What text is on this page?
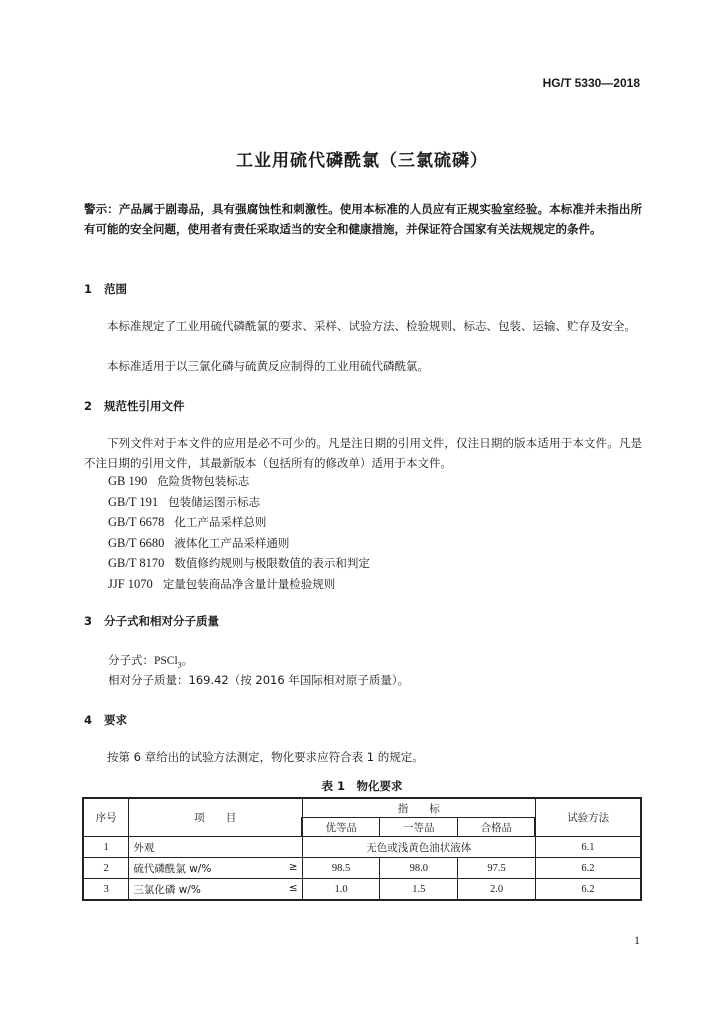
HG/T 5330—2018
工业用硫代磷酰氯（三氯硫磷）
警示：产品属于剧毒品，具有强腐蚀性和刺激性。使用本标准的人员应有正规实验室经验。本标准并未指出所有可能的安全问题，使用者有责任采取适当的安全和健康措施，并保证符合国家有关法规规定的条件。
1 范围
本标准规定了工业用硫代磷酰氯的要求、采样、试验方法、检验规则、标志、包装、运输、贮存及安全。
本标准适用于以三氯化磷与硫黄反应制得的工业用硫代磷酰氯。
2 规范性引用文件
下列文件对于本文件的应用是必不可少的。凡是注日期的引用文件，仅注日期的版本适用于本文件。凡是不注日期的引用文件，其最新版本（包括所有的修改单）适用于本文件。
GB 190 危险货物包装标志
GB/T 191 包装储运图示标志
GB/T 6678 化工产品采样总则
GB/T 6680 液体化工产品采样通则
GB/T 8170 数值修约规则与极限数值的表示和判定
JJF 1070 定量包装商品净含量计量检验规则
3 分子式和相对分子质量
分子式：PSCl$_3$。
相对分子质量：169.42（按 2016 年国际相对原子质量）。
4 要求
按第 6 章给出的试验方法测定，物化要求应符合表 1 的规定。
表 1　物化要求
序号	项　　目	指　　标			试验方法
		优等品	一等品	合格品	
1	外观	无色或浅黄色油状液体			6.1
2	硫代磷酰氯 w/% ≥	98.5	98.0	97.5	6.2
3	三氯化磷 w/% ≤	1.0	1.5	2.0	6.2
1
